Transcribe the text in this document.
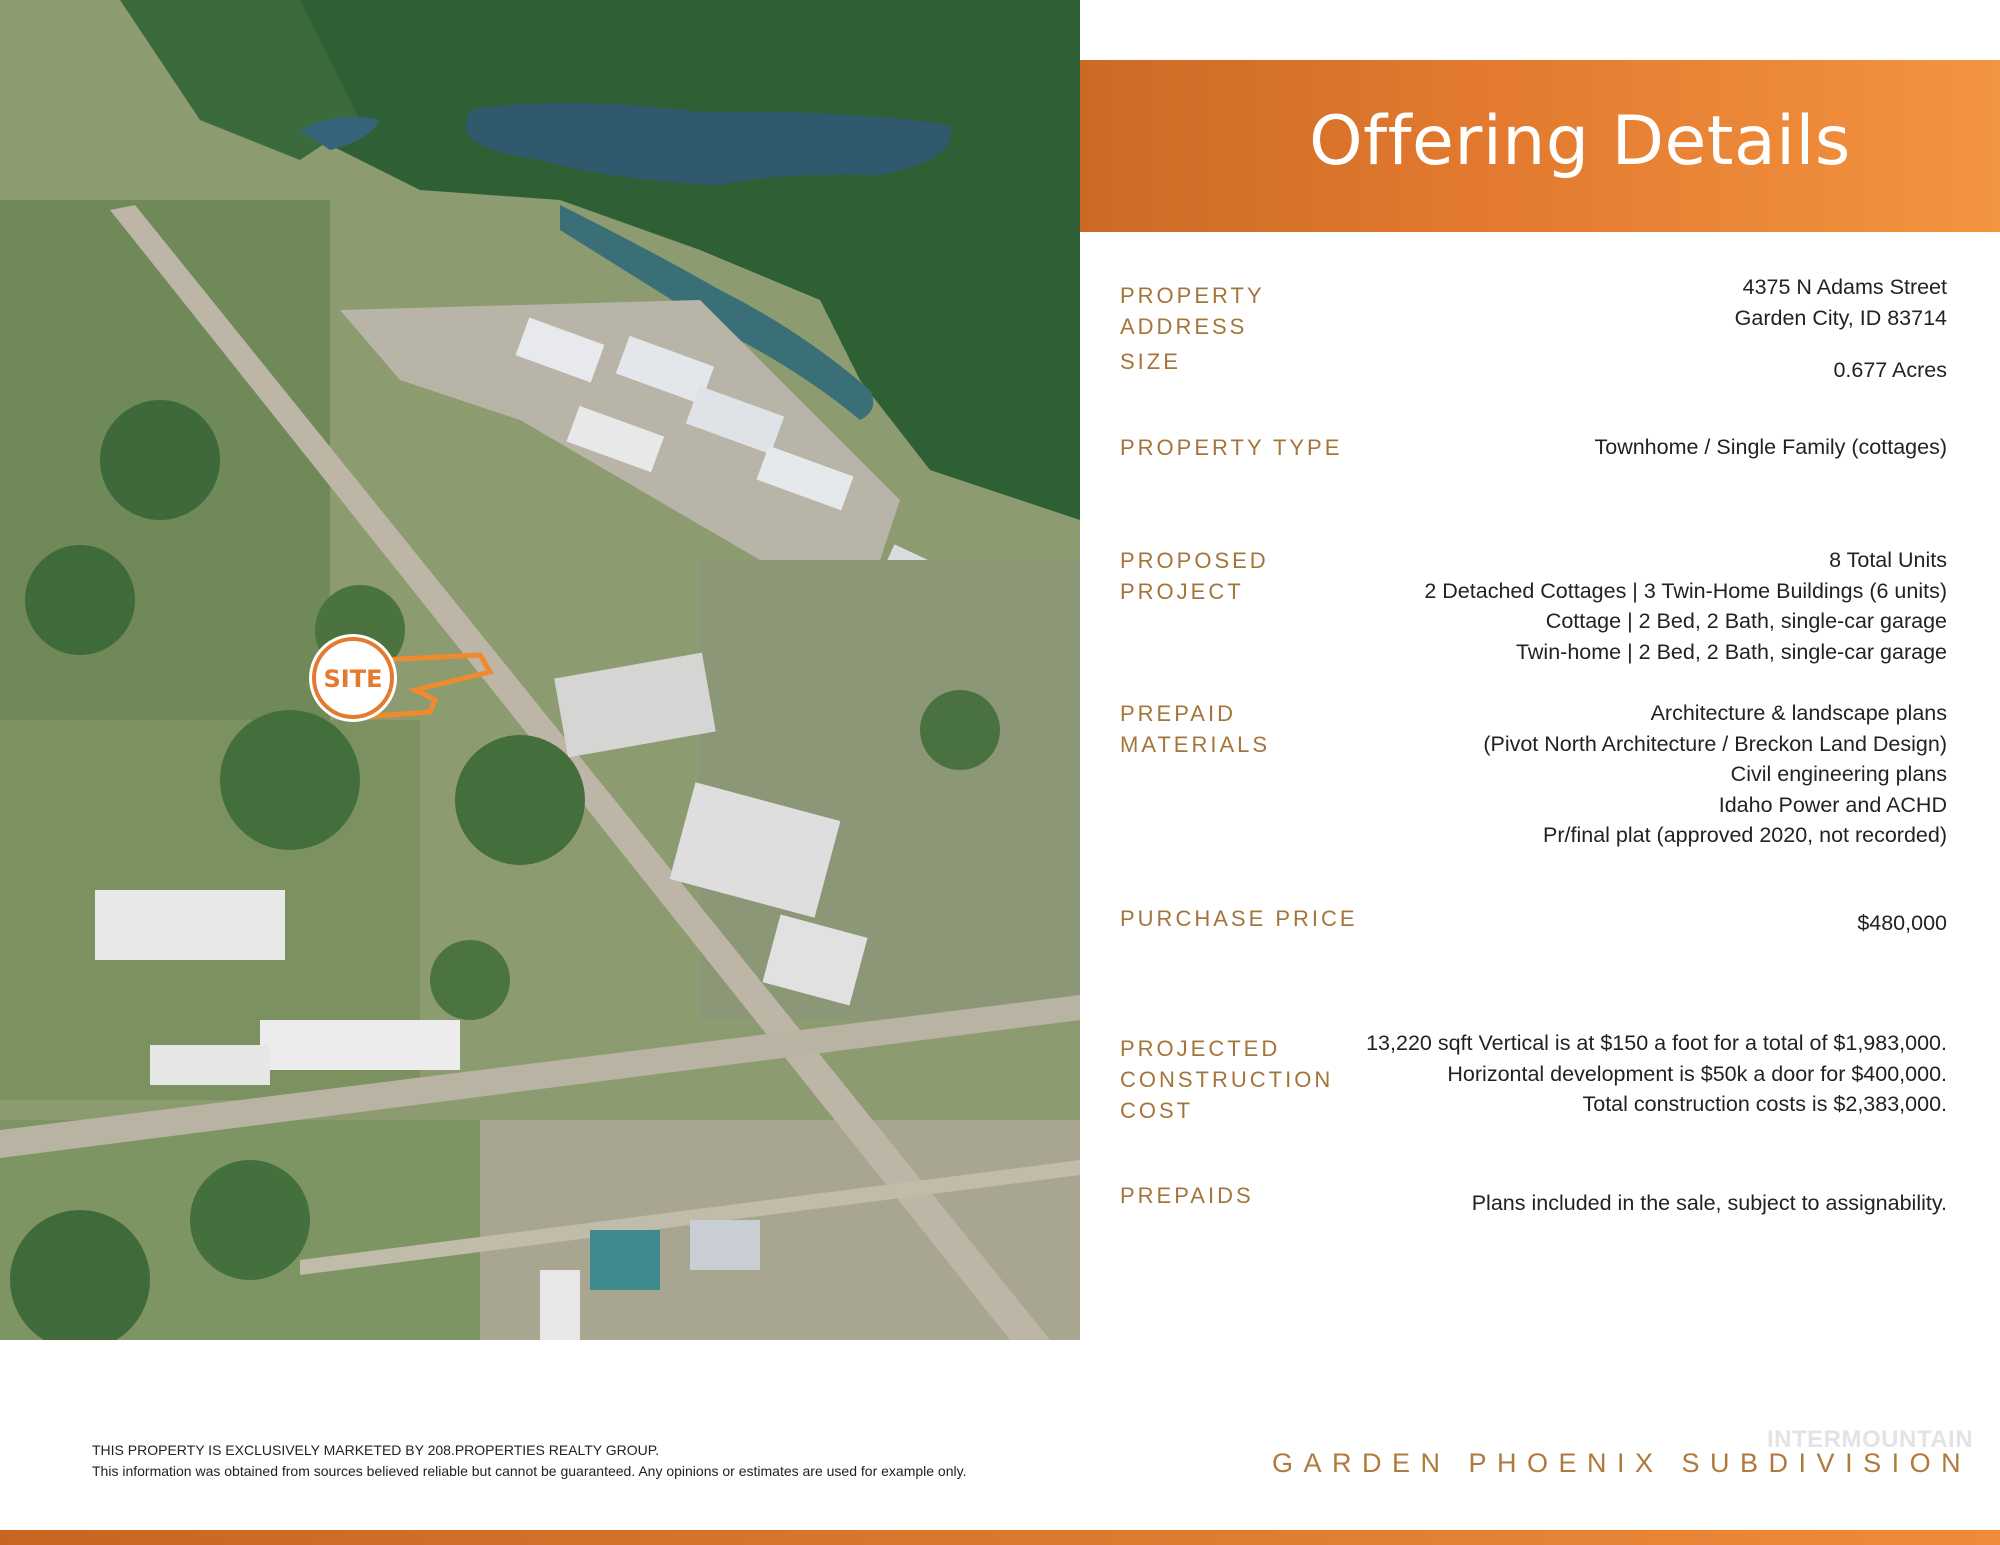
SITE
Offering Details
PROPERTY ADDRESS
4375 N Adams Street
Garden City, ID 83714
SIZE	0.677 Acres
PROPERTY TYPE	Townhome / Single Family (cottages)
PROPOSED PROJECT
8 Total Units
2 Detached Cottages | 3 Twin-Home Buildings (6 units)
Cottage | 2 Bed, 2 Bath, single-car garage
Twin-home | 2 Bed, 2 Bath, single-car garage
PREPAID MATERIALS
Architecture & landscape plans
(Pivot North Architecture / Breckon Land Design)
Civil engineering plans
Idaho Power and ACHD
Pr/final plat (approved 2020, not recorded)
PURCHASE PRICE	$480,000
PROJECTED CONSTRUCTION COST
13,220 sqft Vertical is at $150 a foot for a total of $1,983,000.
Horizontal development is $50k a door for $400,000.
Total construction costs is $2,383,000.
PREPAIDS	Plans included in the sale, subject to assignability.
THIS PROPERTY IS EXCLUSIVELY MARKETED BY 208.PROPERTIES REALTY GROUP.
This information was obtained from sources believed reliable but cannot be guaranteed. Any opinions or estimates are used for example only.	GARDEN PHOENIX SUBDIVISION
INTERMOUNTAIN
